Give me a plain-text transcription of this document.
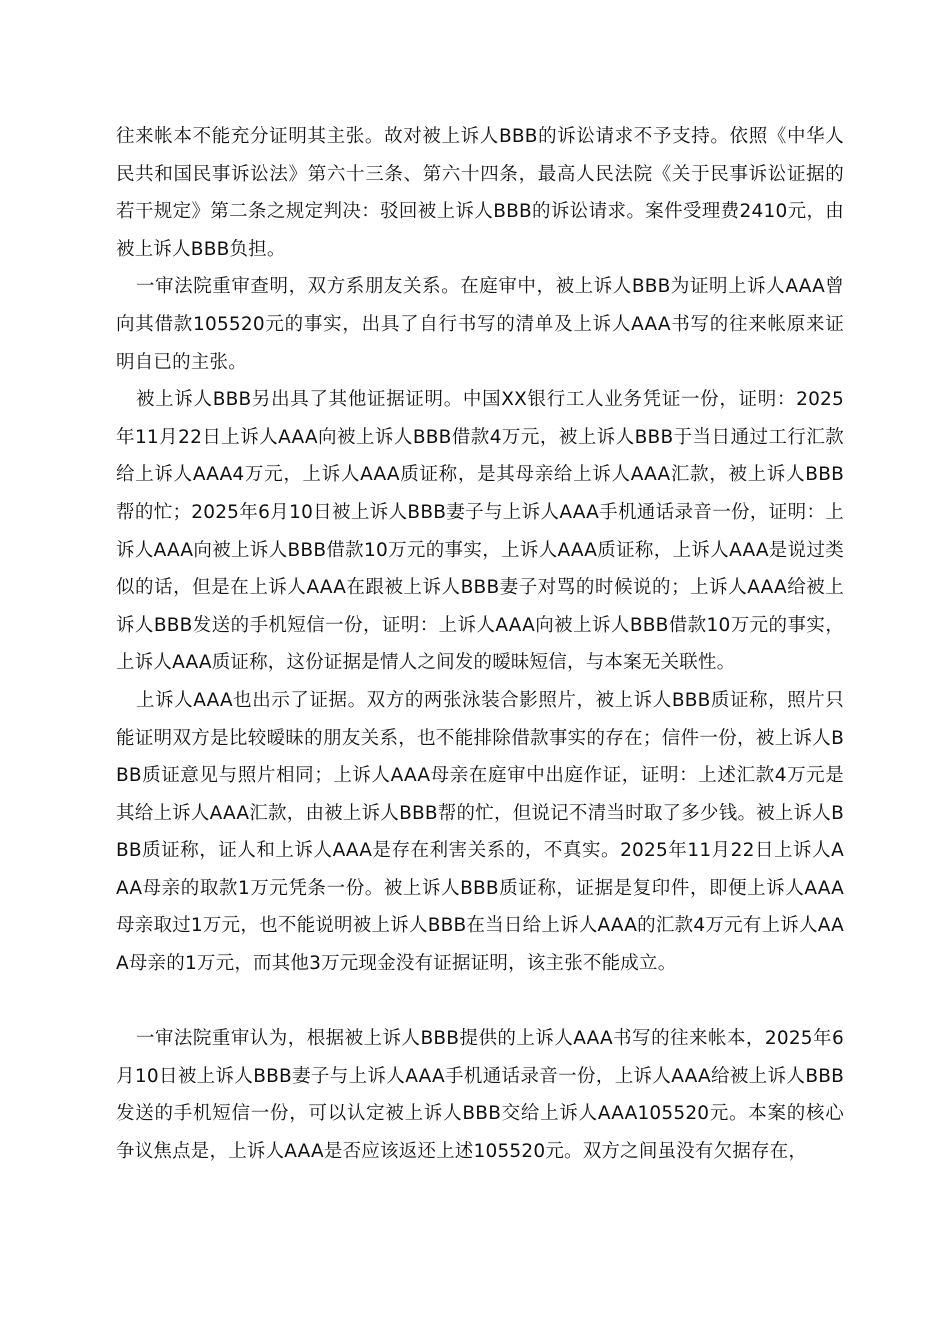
往来帐本不能充分证明其主张。故对被上诉人BBB的诉讼请求不予支持。依照《中华人民共和国民事诉讼法》第六十三条、第六十四条，最高人民法院《关于民事诉讼证据的若干规定》第二条之规定判决：驳回被上诉人BBB的诉讼请求。案件受理费2410元，由被上诉人BBB负担。

一审法院重审查明，双方系朋友关系。在庭审中，被上诉人BBB为证明上诉人AAA曾向其借款105520元的事实，出具了自行书写的清单及上诉人AAA书写的往来帐原来证明自已的主张。

被上诉人BBB另出具了其他证据证明。中国XX银行工人业务凭证一份，证明：2025年11月22日上诉人AAA向被上诉人BBB借款4万元，被上诉人BBB于当日通过工行汇款给上诉人AAA4万元，上诉人AAA质证称，是其母亲给上诉人AAA汇款，被上诉人BBB帮的忙；2025年6月10日被上诉人BBB妻子与上诉人AAA手机通话录音一份，证明：上诉人AAA向被上诉人BBB借款10万元的事实，上诉人AAA质证称，上诉人AAA是说过类似的话，但是在上诉人AAA在跟被上诉人BBB妻子对骂的时候说的；上诉人AAA给被上诉人BBB发送的手机短信一份，证明：上诉人AAA向被上诉人BBB借款10万元的事实，上诉人AAA质证称，这份证据是情人之间发的暧昧短信，与本案无关联性。

上诉人AAA也出示了证据。双方的两张泳装合影照片，被上诉人BBB质证称，照片只能证明双方是比较暧昧的朋友关系，也不能排除借款事实的存在；信件一份，被上诉人BBB质证意见与照片相同；上诉人AAA母亲在庭审中出庭作证，证明：上述汇款4万元是其给上诉人AAA汇款，由被上诉人BBB帮的忙，但说记不清当时取了多少钱。被上诉人BBB质证称，证人和上诉人AAA是存在利害关系的，不真实。2025年11月22日上诉人AAA母亲的取款1万元凭条一份。被上诉人BBB质证称，证据是复印件，即便上诉人AAA母亲取过1万元，也不能说明被上诉人BBB在当日给上诉人AAA的汇款4万元有上诉人AAA母亲的1万元，而其他3万元现金没有证据证明，该主张不能成立。

一审法院重审认为，根据被上诉人BBB提供的上诉人AAA书写的往来帐本，2025年6月10日被上诉人BBB妻子与上诉人AAA手机通话录音一份，上诉人AAA给被上诉人BBB发送的手机短信一份，可以认定被上诉人BBB交给上诉人AAA105520元。本案的核心争议焦点是，上诉人AAA是否应该返还上述105520元。双方之间虽没有欠据存在，
